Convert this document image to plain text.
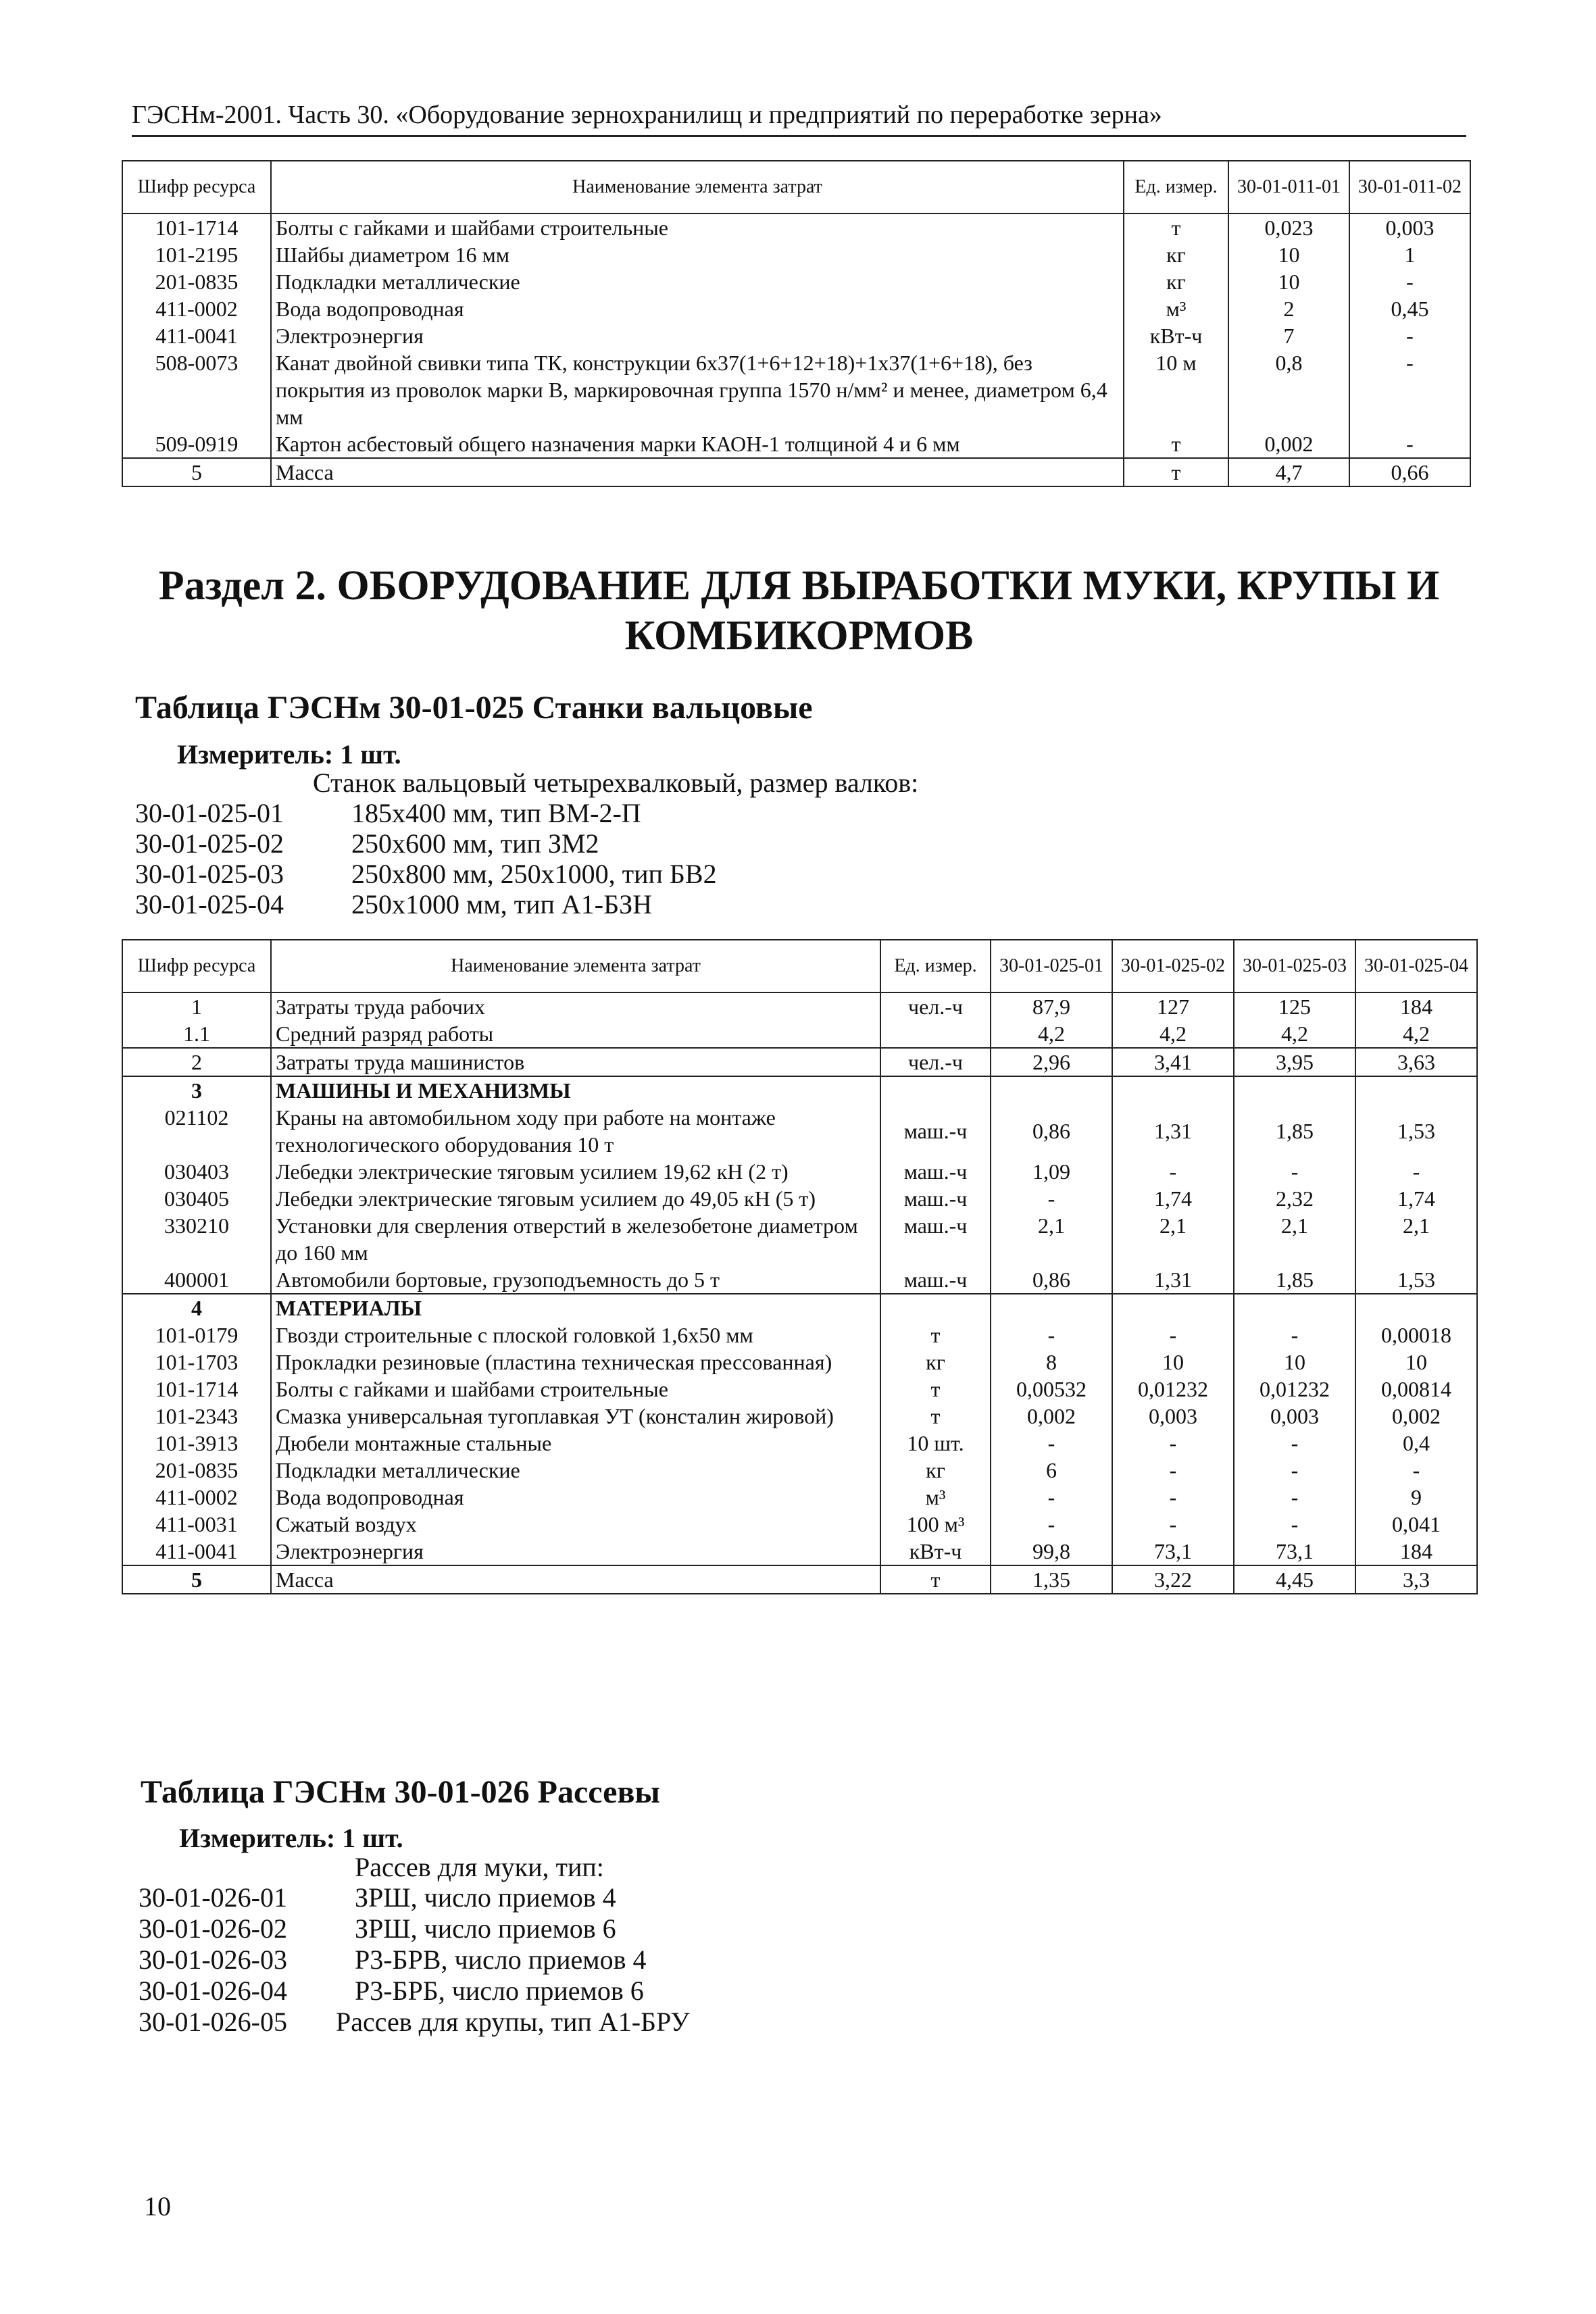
ГЭСНм-2001. Часть 30. «Оборудование зернохранилищ и предприятий по переработке зерна»
Шифр ресурса	Наименование элемента затрат	Ед. измер.	30-01-011-01	30-01-011-02
101-1714	Болты с гайками и шайбами строительные	т	0,023	0,003
101-2195	Шайбы диаметром 16 мм	кг	10	1
201-0835	Подкладки металлические	кг	10	-
411-0002	Вода водопроводная	м³	2	0,45
411-0041	Электроэнергия	кВт-ч	7	-
508-0073	Канат двойной свивки типа ТК, конструкции 6х37(1+6+12+18)+1х37(1+6+18), без покрытия из проволок марки В, маркировочная группа 1570 н/мм² и менее, диаметром 6,4 мм	10 м	0,8	-
509-0919	Картон асбестовый общего назначения марки КАОН-1 толщиной 4 и 6 мм	т	0,002	-
5	Масса	т	4,7	0,66
Раздел 2. ОБОРУДОВАНИЕ ДЛЯ ВЫРАБОТКИ МУКИ, КРУПЫ И КОМБИКОРМОВ
Таблица ГЭСНм 30-01-025 Станки вальцовые
Измеритель: 1 шт.
Станок вальцовый четырехвалковый, размер валков:
30-01-025-01	185х400 мм, тип ВМ-2-П
30-01-025-02	250х600 мм, тип ЗМ2
30-01-025-03	250х800 мм, 250х1000, тип БВ2
30-01-025-04	250х1000 мм, тип А1-БЗН
Шифр ресурса	Наименование элемента затрат	Ед. измер.	30-01-025-01	30-01-025-02	30-01-025-03	30-01-025-04
1	Затраты труда рабочих	чел.-ч	87,9	127	125	184
1.1	Средний разряд работы		4,2	4,2	4,2	4,2
2	Затраты труда машинистов	чел.-ч	2,96	3,41	3,95	3,63
3	МАШИНЫ И МЕХАНИЗМЫ					
021102	Краны на автомобильном ходу при работе на монтаже технологического оборудования 10 т	маш.-ч	0,86	1,31	1,85	1,53
030403	Лебедки электрические тяговым усилием 19,62 кН (2 т)	маш.-ч	1,09	-	-	-
030405	Лебедки электрические тяговым усилием до 49,05 кН (5 т)	маш.-ч	-	1,74	2,32	1,74
330210	Установки для сверления отверстий в железобетоне диаметром до 160 мм	маш.-ч	2,1	2,1	2,1	2,1
400001	Автомобили бортовые, грузоподъемность до 5 т	маш.-ч	0,86	1,31	1,85	1,53
4	МАТЕРИАЛЫ					
101-0179	Гвозди строительные с плоской головкой 1,6х50 мм	т	-	-	-	0,00018
101-1703	Прокладки резиновые (пластина техническая прессованная)	кг	8	10	10	10
101-1714	Болты с гайками и шайбами строительные	т	0,00532	0,01232	0,01232	0,00814
101-2343	Смазка универсальная тугоплавкая УТ (консталин жировой)	т	0,002	0,003	0,003	0,002
101-3913	Дюбели монтажные стальные	10 шт.	-	-	-	0,4
201-0835	Подкладки металлические	кг	6	-	-	-
411-0002	Вода водопроводная	м³	-	-	-	9
411-0031	Сжатый воздух	100 м³	-	-	-	0,041
411-0041	Электроэнергия	кВт-ч	99,8	73,1	73,1	184
5	Масса	т	1,35	3,22	4,45	3,3
Таблица ГЭСНм 30-01-026 Рассевы
Измеритель: 1 шт.
Рассев для муки, тип:
30-01-026-01	ЗРШ, число приемов 4
30-01-026-02	ЗРШ, число приемов 6
30-01-026-03	Р3-БРВ, число приемов 4
30-01-026-04	Р3-БРБ, число приемов 6
30-01-026-05 Рассев для крупы, тип А1-БРУ
10
